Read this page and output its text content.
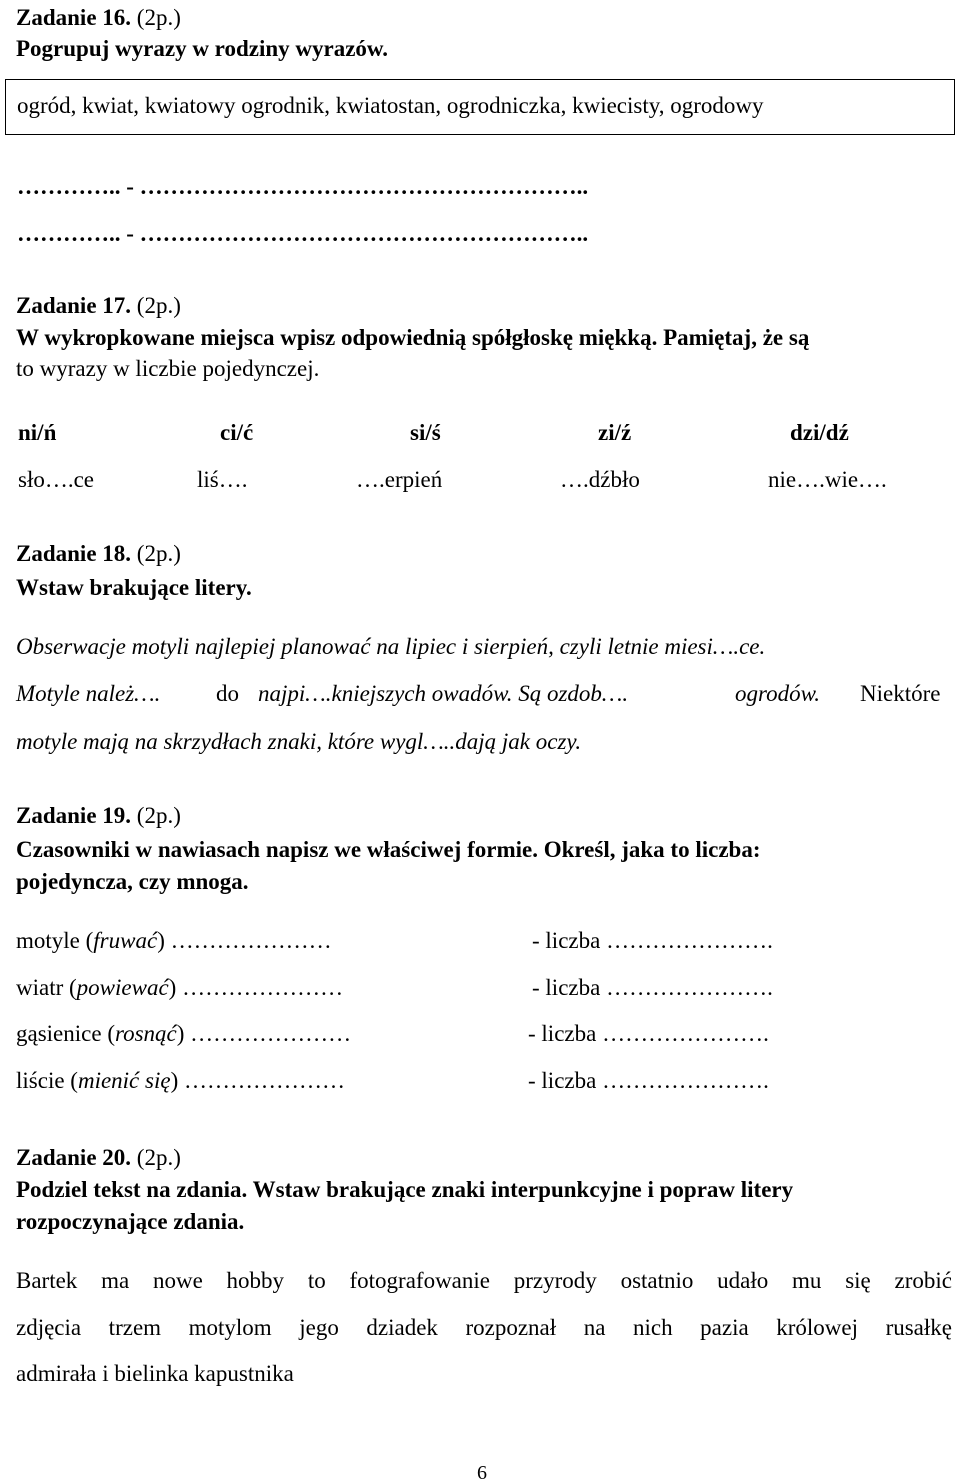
Zadanie 16. (2p.)
Pogrupuj wyrazy w rodziny wyrazów.
ogród, kwiat, kwiatowy ogrodnik, kwiatostan, ogrodniczka, kwiecisty, ogrodowy
………….. - …………………………………………………..
………….. - …………………………………………………..
Zadanie 17. (2p.)
W wykropkowane miejsca wpisz odpowiednią spółgłoskę miękką. Pamiętaj, że są
to wyrazy w liczbie pojedynczej.
ni/ń	ci/ć	si/ś	zi/ź	dzi/dź
sło….ce	liś….	….erpień	….dźbło	nie….wie….
Zadanie 18. (2p.)
Wstaw brakujące litery.
Obserwacje motyli najlepiej planować na lipiec i sierpień, czyli letnie miesi….ce.
Motyle należ…. do najpi….kniejszych owadów. Są ozdob….	ogrodów. Niektóre
motyle mają na skrzydłach znaki, które wygl…..dają jak oczy.
Zadanie 19. (2p.)
Czasowniki w nawiasach napisz we właściwej formie. Określ, jaka to liczba:
pojedyncza, czy mnoga.
motyle (fruwać) …………………	- liczba ………………….
wiatr (powiewać) …………………	- liczba ………………….
gąsienice (rosnąć) …………………	- liczba ………………….
liście (mienić się) …………………	- liczba ………………….
Zadanie 20. (2p.)
Podziel tekst na zdania. Wstaw brakujące znaki interpunkcyjne i popraw litery
rozpoczynające zdania.
Bartek ma nowe hobby to fotografowanie przyrody ostatnio udało mu się zrobić
zdjęcia trzem motylom jego dziadek rozpoznał na nich pazia królowej rusałkę
admirała i bielinka kapustnika
6
